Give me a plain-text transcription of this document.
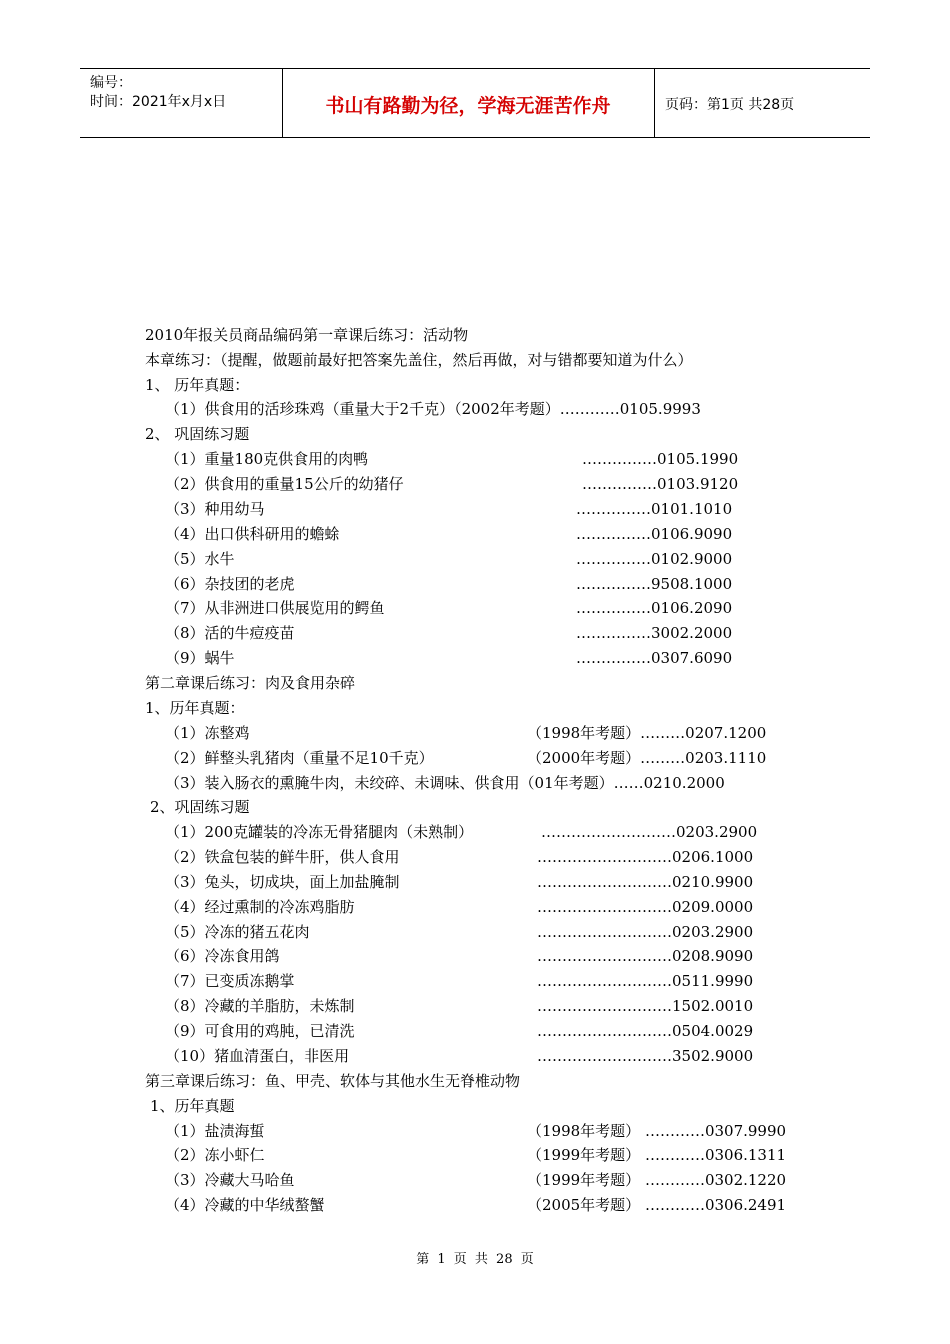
编号：
时间：2021年x月x日	书山有路勤为径，学海无涯苦作舟	页码：第1页 共28页
2010年报关员商品编码第一章课后练习：活动物
本章练习：（提醒，做题前最好把答案先盖住，然后再做，对与错都要知道为什么）
1、 历年真题：
（1）供食用的活珍珠鸡（重量大于2千克）（2002年考题）…………0105.9993
2、 巩固练习题
（1）重量180克供食用的肉鸭	……………0105.1990
（2）供食用的重量15公斤的幼猪仔	……………0103.9120
（3）种用幼马	……………0101.1010
（4）出口供科研用的蟾蜍	……………0106.9090
（5）水牛	……………0102.9000
（6）杂技团的老虎	……………9508.1000
（7）从非洲进口供展览用的鳄鱼	……………0106.2090
（8）活的牛痘疫苗	……………3002.2000
（9）蜗牛	……………0307.6090
第二章课后练习：肉及食用杂碎
1、历年真题：
（1）冻整鸡	（1998年考题）………0207.1200
（2）鲜整头乳猪肉（重量不足10千克）	（2000年考题）………0203.1110
（3）装入肠衣的熏腌牛肉，未绞碎、未调味、供食用（01年考题）……0210.2000
2、巩固练习题
（1）200克罐装的冷冻无骨猪腿肉（未熟制）	………………………0203.2900
（2）铁盒包装的鲜牛肝，供人食用	………………………0206.1000
（3）兔头，切成块，面上加盐腌制	………………………0210.9900
（4）经过熏制的冷冻鸡脂肪	………………………0209.0000
（5）冷冻的猪五花肉	………………………0203.2900
（6）冷冻食用鸽	………………………0208.9090
（7）已变质冻鹅掌	………………………0511.9990
（8）冷藏的羊脂肪，未炼制	………………………1502.0010
（9）可食用的鸡肫，已清洗	………………………0504.0029
（10）猪血清蛋白，非医用	………………………3502.9000
第三章课后练习：鱼、甲壳、软体与其他水生无脊椎动物
1、历年真题
（1）盐渍海蜇	（1998年考题） …………0307.9990
（2）冻小虾仁	（1999年考题） …………0306.1311
（3）冷藏大马哈鱼	（1999年考题） …………0302.1220
（4）冷藏的中华绒螯蟹	（2005年考题） …………0306.2491
第 1 页 共 28 页
